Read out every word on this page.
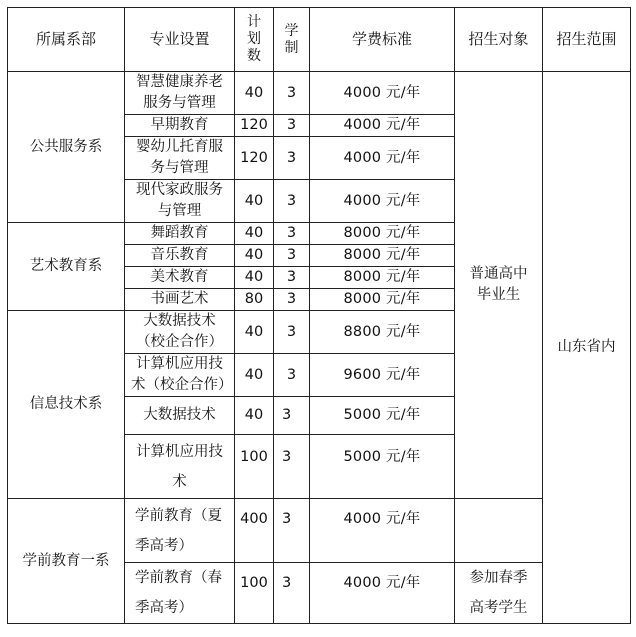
所属系部	专业设置	计划数	学制	学费标准	招生对象	招生范围
公共服务系	智慧健康养老服务与管理	40	3	4000 元/年	普通高中毕业生	山东省内
	早期教育	120	3	4000 元/年		
	婴幼儿托育服务与管理	120	3	4000 元/年		
	现代家政服务与管理	40	3	4000 元/年		
艺术教育系	舞蹈教育	40	3	8000 元/年		
	音乐教育	40	3	8000 元/年		
	美术教育	40	3	8000 元/年		
	书画艺术	80	3	8000 元/年		
信息技术系	大数据技术（校企合作）	40	3	8800 元/年		
	计算机应用技术（校企合作）	40	3	9600 元/年		
	大数据技术	40	3	5000 元/年		
	计算机应用技术	100	3	5000 元/年		
学前教育一系	学前教育（夏季高考）	400	3	4000 元/年		
	学前教育（春季高考）	100	3	4000 元/年	参加春季高考学生	
